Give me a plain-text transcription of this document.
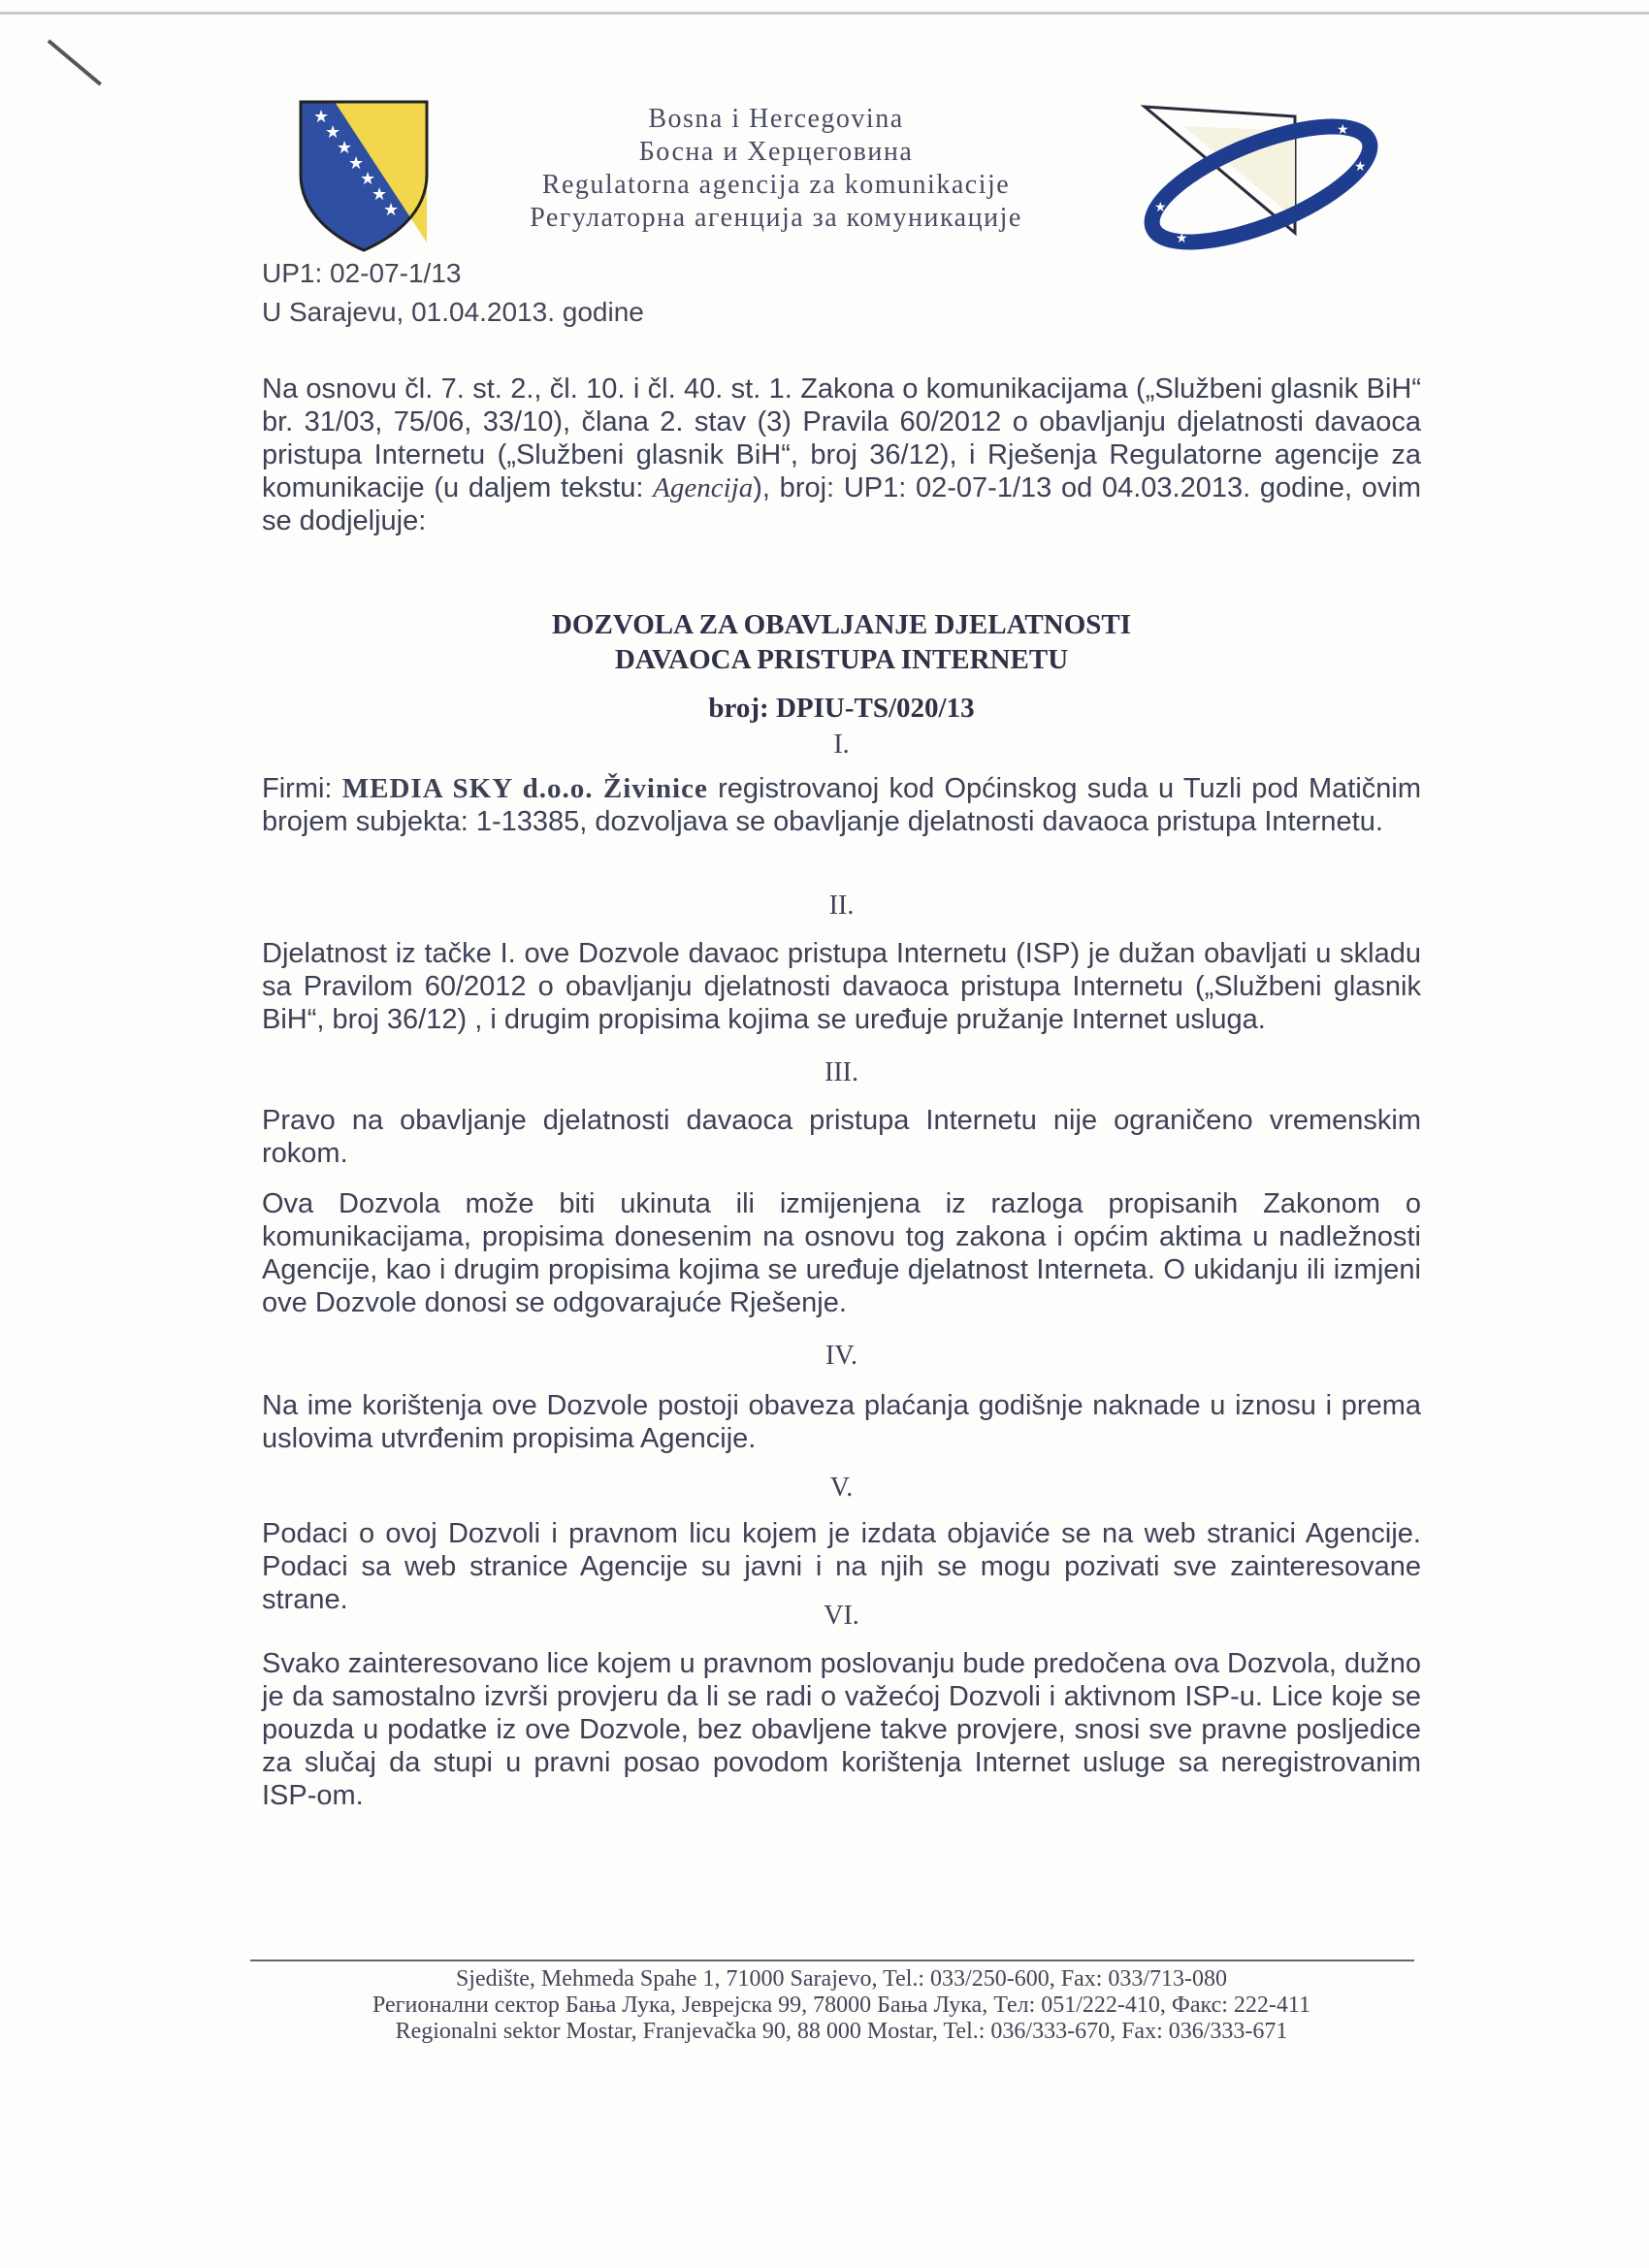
★
★
★
★
★
★
★
Bosna i Hercegovina
Босна и Херцеговина
Regulatorna agencija za komunikacije
Регулаторна агенција за комуникације
★
★
★
★
★
★
UP1: 02-07-1/13
U Sarajevu, 01.04.2013. godine
Na osnovu čl. 7. st. 2., čl. 10. i čl. 40. st. 1. Zakona o komunikacijama („Službeni glasnik BiH“ br. 31/03, 75/06, 33/10), člana 2. stav (3) Pravila 60/2012 o obavljanju djelatnosti davaoca pristupa Internetu („Službeni glasnik BiH“, broj 36/12), i Rješenja Regulatorne agencije za komunikacije (u daljem tekstu: Agencija), broj: UP1: 02-07-1/13 od 04.03.2013. godine, ovim se dodjeljuje:
DOZVOLA ZA OBAVLJANJE DJELATNOSTI
DAVAOCA PRISTUPA INTERNETU
broj: DPIU-TS/020/13
I.
Firmi: MEDIA SKY d.o.o. Živinice registrovanoj kod Općinskog suda u Tuzli pod Matičnim brojem subjekta: 1-13385, dozvoljava se obavljanje djelatnosti davaoca pristupa Internetu.
II.
Djelatnost iz tačke I. ove Dozvole davaoc pristupa Internetu (ISP) je dužan obavljati u skladu sa Pravilom 60/2012 o obavljanju djelatnosti davaoca pristupa Internetu („Službeni glasnik BiH“, broj 36/12) , i drugim propisima kojima se uređuje pružanje Internet usluga.
III.
Pravo na obavljanje djelatnosti davaoca pristupa Internetu nije ograničeno vremenskim rokom.
Ova Dozvola može biti ukinuta ili izmijenjena iz razloga propisanih Zakonom o komunikacijama, propisima donesenim na osnovu tog zakona i općim aktima u nadležnosti Agencije, kao i drugim propisima kojima se uređuje djelatnost Interneta. O ukidanju ili izmjeni ove Dozvole donosi se odgovarajuće Rješenje.
IV.
Na ime korištenja ove Dozvole postoji obaveza plaćanja godišnje naknade u iznosu i prema uslovima utvrđenim propisima Agencije.
V.
Podaci o ovoj Dozvoli i pravnom licu kojem je izdata objaviće se na web stranici Agencije. Podaci sa web stranice Agencije su javni i na njih se mogu pozivati sve zainteresovane strane.
VI.
Svako zainteresovano lice kojem u pravnom poslovanju bude predočena ova Dozvola, dužno je da samostalno izvrši provjeru da li se radi o važećoj Dozvoli i aktivnom ISP-u. Lice koje se pouzda u podatke iz ove Dozvole, bez obavljene takve provjere, snosi sve pravne posljedice za slučaj da stupi u pravni posao povodom korištenja Internet usluge sa neregistrovanim ISP-om.
Sjedište, Mehmeda Spahe 1, 71000 Sarajevo, Tel.: 033/250-600, Fax: 033/713-080
Регионални сектор Бања Лука, Јеврејска 99, 78000 Бања Лука, Тел: 051/222-410, Факс: 222-411
Regionalni sektor Mostar, Franjevačka 90, 88 000 Mostar, Tel.: 036/333-670, Fax: 036/333-671
